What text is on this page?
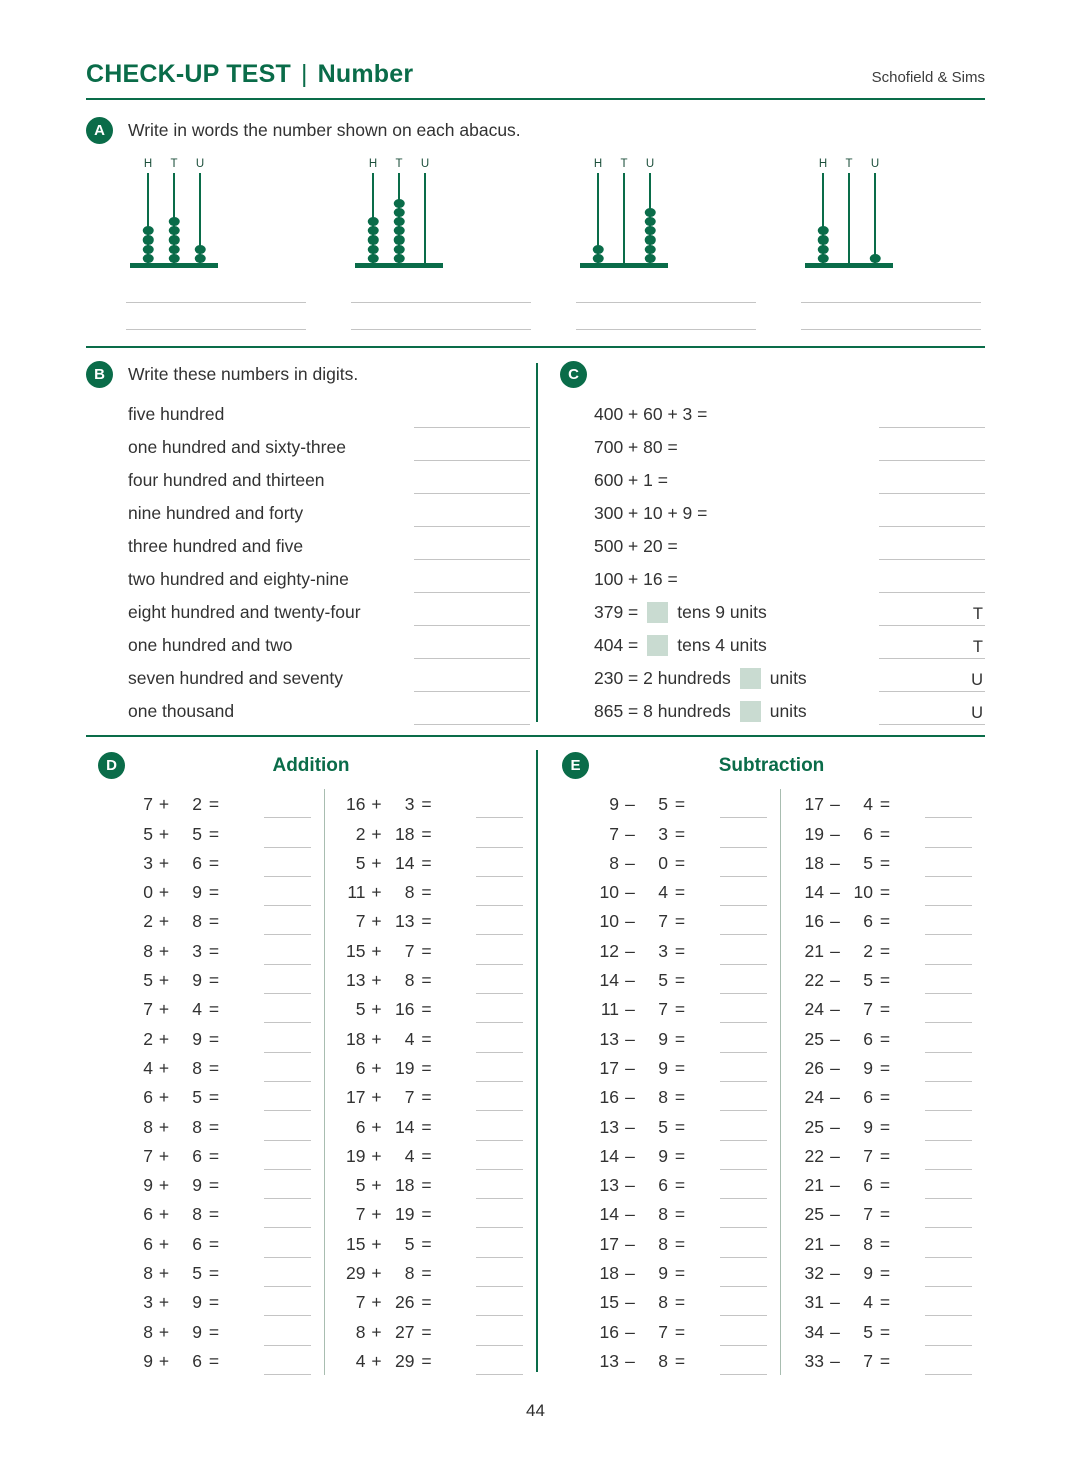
CHECK-UP TEST | Number	Schofield & Sims
A	Write in words the number shown on each abacus.
H T U	H T U	H T U	H T U
B	Write these numbers in digits.
five hundred
one hundred and sixty-three
four hundred and thirteen
nine hundred and forty
three hundred and five
two hundred and eighty-nine
eight hundred and twenty-four
one hundred and two
seven hundred and seventy
one thousand
C
400 + 60 + 3 =
700 + 80 =
600 + 1 =
300 + 10 + 9 =
500 + 20 =
100 + 16 =
379 = tens 9 units	T
404 = tens 4 units	T
230 = 2 hundreds units	U
865 = 8 hundreds units	U
D	Addition
7 +	2 =
5 +	5 =
3 +	6 =
0 +	9 =
2 +	8 =
8 +	3 =
5 +	9 =
7 +	4 =
2 +	9 =
4 +	8 =
6 +	5 =
8 +	8 =
7 +	6 =
9 +	9 =
6 +	8 =
6 +	6 =
8 +	5 =
3 +	9 =
8 +	9 =
9 +	6 =
16 +	3 =
2 + 18 =
5 + 14 =
11 +	8 =
7 + 13 =
15 +	7 =
13 +	8 =
5 + 16 =
18 +	4 =
6 + 19 =
17 +	7 =
6 + 14 =
19 +	4 =
5 + 18 =
7 + 19 =
15 +	5 =
29 +	8 =
7 + 26 =
8 + 27 =
4 + 29 =
E	Subtraction
9 –	5 =
7 –	3 =
8 –	0 =
10 –	4 =
10 –	7 =
12 –	3 =
14 –	5 =
11 –	7 =
13 –	9 =
17 –	9 =
16 –	8 =
13 –	5 =
14 –	9 =
13 –	6 =
14 –	8 =
17 –	8 =
18 –	9 =
15 –	8 =
16 –	7 =
13 –	8 =
17 –	4 =
19 –	6 =
18 –	5 =
14 – 10 =
16 –	6 =
21 –	2 =
22 –	5 =
24 –	7 =
25 –	6 =
26 –	9 =
24 –	6 =
25 –	9 =
22 –	7 =
21 –	6 =
25 –	7 =
21 –	8 =
32 –	9 =
31 –	4 =
34 –	5 =
33 –	7 =
44
